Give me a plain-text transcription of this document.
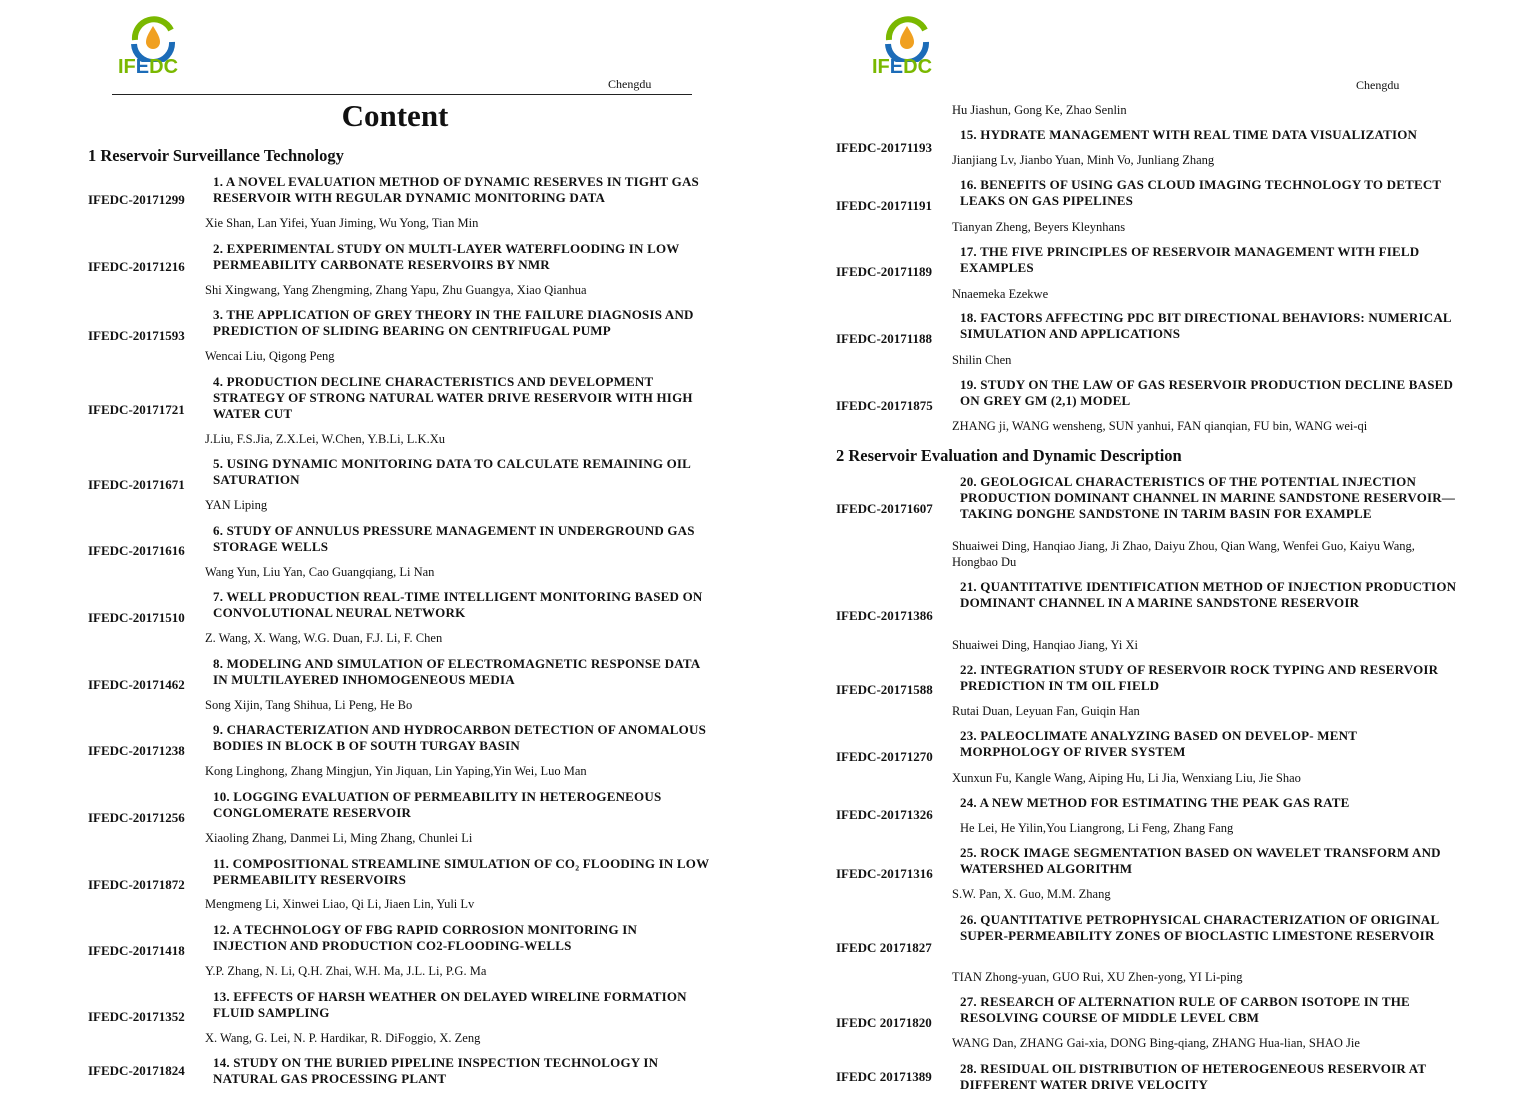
IFEDC
Chengdu
Content
1 Reservoir Surveillance Technology
IFEDC-20171299
1. A NOVEL EVALUATION METHOD OF DYNAMIC RESERVES IN TIGHT GAS RESERVOIR WITH REGULAR DYNAMIC MONITORING DATA
Xie Shan, Lan Yifei, Yuan Jiming, Wu Yong, Tian Min
IFEDC-20171216
2. EXPERIMENTAL STUDY ON MULTI-LAYER WATERFLOODING IN LOW PERMEABILITY CARBONATE RESERVOIRS BY NMR
Shi Xingwang, Yang Zhengming, Zhang Yapu, Zhu Guangya, Xiao Qianhua
IFEDC-20171593
3. THE APPLICATION OF GREY THEORY IN THE FAILURE DIAGNOSIS AND PREDICTION OF SLIDING BEARING ON CENTRIFUGAL PUMP
Wencai Liu, Qigong Peng
IFEDC-20171721
4. PRODUCTION DECLINE CHARACTERISTICS AND DEVELOPMENT STRATEGY OF STRONG NATURAL WATER DRIVE RESERVOIR WITH HIGH WATER CUT
J.Liu, F.S.Jia, Z.X.Lei, W.Chen, Y.B.Li, L.K.Xu
IFEDC-20171671
5. USING DYNAMIC MONITORING DATA TO CALCULATE REMAINING OIL SATURATION
YAN Liping
IFEDC-20171616
6. STUDY OF ANNULUS PRESSURE MANAGEMENT IN UNDERGROUND GAS STORAGE WELLS
Wang Yun, Liu Yan, Cao Guangqiang, Li Nan
IFEDC-20171510
7. WELL PRODUCTION REAL-TIME INTELLIGENT MONITORING BASED ON CONVOLUTIONAL NEURAL NETWORK
Z. Wang, X. Wang, W.G. Duan, F.J. Li, F. Chen
IFEDC-20171462
8. MODELING AND SIMULATION OF ELECTROMAGNETIC RESPONSE DATA IN MULTILAYERED INHOMOGENEOUS MEDIA
Song Xijin, Tang Shihua, Li Peng, He Bo
IFEDC-20171238
9. CHARACTERIZATION AND HYDROCARBON DETECTION OF ANOMALOUS BODIES IN BLOCK B OF SOUTH TURGAY BASIN
Kong Linghong, Zhang Mingjun, Yin Jiquan, Lin Yaping,Yin Wei, Luo Man
IFEDC-20171256
10. LOGGING EVALUATION OF PERMEABILITY IN HETEROGENEOUS CONGLOMERATE RESERVOIR
Xiaoling Zhang, Danmei Li, Ming Zhang, Chunlei Li
IFEDC-20171872
11. COMPOSITIONAL STREAMLINE SIMULATION OF CO₂ FLOODING IN LOW PERMEABILITY RESERVOIRS
Mengmeng Li, Xinwei Liao, Qi Li, Jiaen Lin, Yuli Lv
IFEDC-20171418
12. A TECHNOLOGY OF FBG RAPID CORROSION MONITORING IN INJECTION AND PRODUCTION CO2-FLOODING-WELLS
Y.P. Zhang, N. Li, Q.H. Zhai, W.H. Ma, J.L. Li, P.G. Ma
IFEDC-20171352
13. EFFECTS OF HARSH WEATHER ON DELAYED WIRELINE FORMATION FLUID SAMPLING
X. Wang, G. Lei, N. P. Hardikar, R. DiFoggio, X. Zeng
IFEDC-20171824
14. STUDY ON THE BURIED PIPELINE INSPECTION TECHNOLOGY IN NATURAL GAS PROCESSING PLANT
IFEDC
Chengdu
Hu Jiashun, Gong Ke, Zhao Senlin
IFEDC-20171193
15. HYDRATE MANAGEMENT WITH REAL TIME DATA VISUALIZATION
Jianjiang Lv, Jianbo Yuan, Minh Vo, Junliang Zhang
IFEDC-20171191
16. BENEFITS OF USING GAS CLOUD IMAGING TECHNOLOGY TO DETECT LEAKS ON GAS PIPELINES
Tianyan Zheng, Beyers Kleynhans
IFEDC-20171189
17. THE FIVE PRINCIPLES OF RESERVOIR MANAGEMENT WITH FIELD EXAMPLES
Nnaemeka Ezekwe
IFEDC-20171188
18. FACTORS AFFECTING PDC BIT DIRECTIONAL BEHAVIORS: NUMERICAL SIMULATION AND APPLICATIONS
Shilin Chen
IFEDC-20171875
19. STUDY ON THE LAW OF GAS RESERVOIR PRODUCTION DECLINE BASED ON GREY GM (2,1) MODEL
ZHANG ji, WANG wensheng, SUN yanhui, FAN qianqian, FU bin, WANG wei-qi
2 Reservoir Evaluation and Dynamic Description
IFEDC-20171607
20. GEOLOGICAL CHARACTERISTICS OF THE POTENTIAL INJECTION PRODUCTION DOMINANT CHANNEL IN MARINE SANDSTONE RESERVOIR—TAKING DONGHE SANDSTONE IN TARIM BASIN FOR EXAMPLE
Shuaiwei Ding, Hanqiao Jiang, Ji Zhao, Daiyu Zhou, Qian Wang, Wenfei Guo, Kaiyu Wang, Hongbao Du
IFEDC-20171386
21. QUANTITATIVE IDENTIFICATION METHOD OF INJECTION PRODUCTION DOMINANT CHANNEL IN A MARINE SANDSTONE RESERVOIR
Shuaiwei Ding, Hanqiao Jiang, Yi Xi
IFEDC-20171588
22. INTEGRATION STUDY OF RESERVOIR ROCK TYPING AND RESERVOIR PREDICTION IN TM OIL FIELD
Rutai Duan, Leyuan Fan, Guiqin Han
IFEDC-20171270
23. PALEOCLIMATE ANALYZING BASED ON DEVELOP- MENT MORPHOLOGY OF RIVER SYSTEM
Xunxun Fu, Kangle Wang, Aiping Hu, Li Jia, Wenxiang Liu, Jie Shao
IFEDC-20171326
24. A NEW METHOD FOR ESTIMATING THE PEAK GAS RATE
He Lei, He Yilin,You Liangrong, Li Feng, Zhang Fang
IFEDC-20171316
25. ROCK IMAGE SEGMENTATION BASED ON WAVELET TRANSFORM AND WATERSHED ALGORITHM
S.W. Pan, X. Guo, M.M. Zhang
IFEDC 20171827
26. QUANTITATIVE PETROPHYSICAL CHARACTERIZATION OF ORIGINAL SUPER-PERMEABILITY ZONES OF BIOCLASTIC LIMESTONE RESERVOIR
TIAN Zhong-yuan, GUO Rui, XU Zhen-yong, YI Li-ping
IFEDC 20171820
27. RESEARCH OF ALTERNATION RULE OF CARBON ISOTOPE IN THE RESOLVING COURSE OF MIDDLE LEVEL CBM
WANG Dan, ZHANG Gai-xia, DONG Bing-qiang, ZHANG Hua-lian, SHAO Jie
IFEDC 20171389
28. RESIDUAL OIL DISTRIBUTION OF HETEROGENEOUS RESERVOIR AT DIFFERENT WATER DRIVE VELOCITY
